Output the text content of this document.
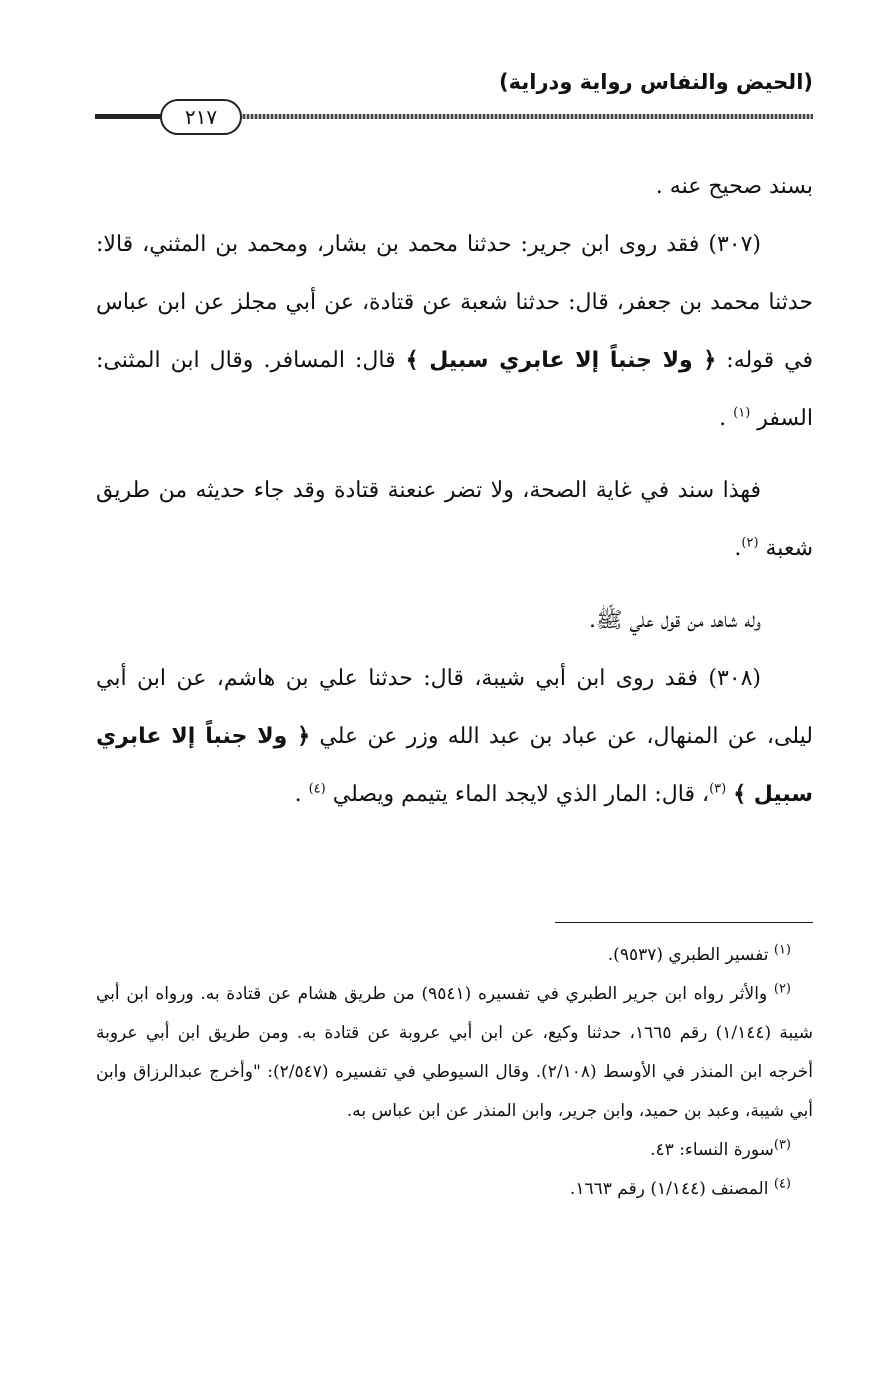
(الحيض والنفاس رواية ودراية)
٢١٧

بسند صحيح عنه .

(٣٠٧) فقد روى ابن جرير: حدثنا محمد بن بشار، ومحمد بن المثني، قالا: حدثنا محمد بن جعفر، قال: حدثنا شعبة عن قتادة، عن أبي مجلز عن ابن عباس في قوله: ﴿ ولا جنباً إلا عابري سبيل ﴾ قال: المسافر. وقال ابن المثنى: السفر $^{(١)}$ .

فهذا سند في غاية الصحة، ولا تضر عنعنة قتادة وقد جاء حديثه من طريق شعبة $^{(٢)}$.

وله شاهد من قول علي ﷺ.

(٣٠٨) فقد روى ابن أبي شيبة، قال: حدثنا علي بن هاشم، عن ابن أبي ليلى، عن المنهال، عن عباد بن عبد الله وزر عن علي ﴿ ولا جنباً إلا عابري سبيل ﴾ $^{(٣)}$، قال: المار الذي لايجد الماء يتيمم ويصلي $^{(٤)}$ .

$^{(١)}$ تفسير الطبري (٩٥٣٧).

$^{(٢)}$ والأثر رواه ابن جرير الطبري في تفسيره (٩٥٤١) من طريق هشام عن قتادة به. ورواه ابن أبي شيبة (١/١٤٤) رقم ١٦٦٥، حدثنا وكيع، عن ابن أبي عروبة عن قتادة به. ومن طريق ابن أبي عروبة أخرجه ابن المنذر في الأوسط (٢/١٠٨). وقال السيوطي في تفسيره (٢/٥٤٧): "وأخرج عبدالرزاق وابن أبي شيبة، وعبد بن حميد، وابن جرير، وابن المنذر عن ابن عباس به.

$^{(٣)}$سورة النساء: ٤٣.

$^{(٤)}$ المصنف (١/١٤٤) رقم ١٦٦٣.
